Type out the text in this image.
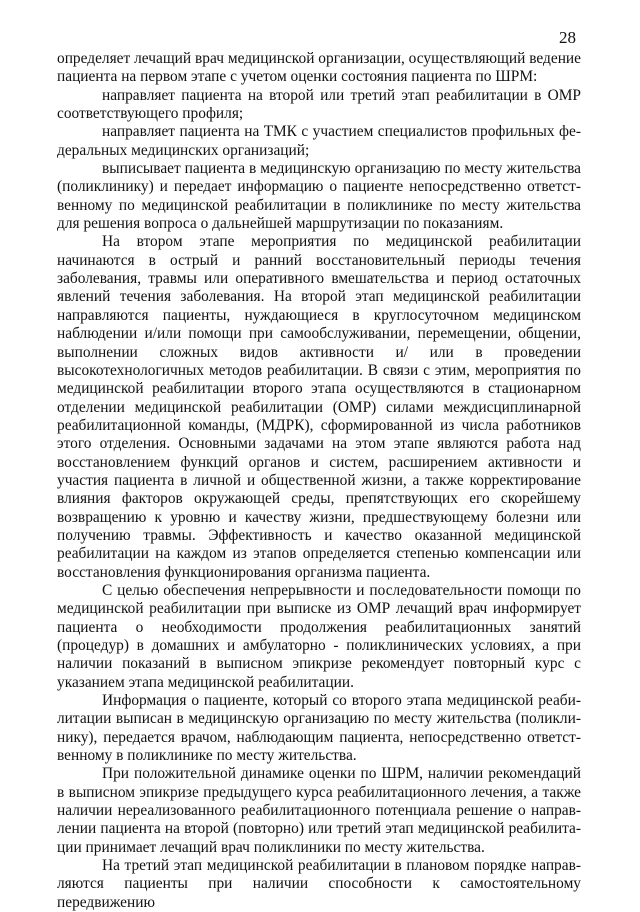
28

определяет лечащий врач медицинской организации, осуществляющий ведение пациента на первом этапе с учетом оценки состояния пациента по ШРМ:

направляет пациента на второй или третий этап реабилитации в ОМР соответствующего профиля;

направляет пациента на ТМК с участием специалистов профильных федеральных медицинских организаций;

выписывает пациента в медицинскую организацию по месту жительства (поликлинику) и передает информацию о пациенте непосредственно ответственному по медицинской реабилитации в поликлинике по месту жительства для решения вопроса о дальнейшей маршрутизации по показаниям.

На втором этапе мероприятия по медицинской реабилитации начинаются в острый и ранний восстановительный периоды течения заболевания, травмы или оперативного вмешательства и период остаточных явлений течения заболевания. На второй этап медицинской реабилитации направляются пациенты, нуждающиеся в круглосуточном медицинском наблюдении и/или помощи при самообслуживании, перемещении, общении, выполнении сложных видов активности и/ или в проведении высокотехнологичных методов реабилитации. В связи с этим, мероприятия по медицинской реабилитации второго этапа осуществляются в стационарном отделении медицинской реабилитации (ОМР) силами междисциплинарной реабилитационной команды, (МДРК), сформированной из числа работников этого отделения. Основными задачами на этом этапе являются работа над восстановлением функций органов и систем, расширением активности и участия пациента в личной и общественной жизни, а также корректирование влияния факторов окружающей среды, препятствующих его скорейшему возвращению к уровню и качеству жизни, предшествующему болезни или получению травмы. Эффективность и качество оказанной медицинской реабилитации на каждом из этапов определяется степенью компенсации или восстановления функционирования организма пациента.

С целью обеспечения непрерывности и последовательности помощи по медицинской реабилитации при выписке из ОМР лечащий врач информирует пациента о необходимости продолжения реабилитационных занятий (процедур) в домашних и амбулаторно - поликлинических условиях, а при наличии показаний в выписном эпикризе рекомендует повторный курс с указанием этапа медицинской реабилитации.

Информация о пациенте, который со второго этапа медицинской реабилитации выписан в медицинскую организацию по месту жительства (поликлинику), передается врачом, наблюдающим пациента, непосредственно ответственному в поликлинике по месту жительства.

При положительной динамике оценки по ШРМ, наличии рекомендаций в выписном эпикризе предыдущего курса реабилитационного лечения, а также наличии нереализованного реабилитационного потенциала решение о направлении пациента на второй (повторно) или третий этап медицинской реабилитации принимает лечащий врач поликлиники по месту жительства.

На третий этап медицинской реабилитации в плановом порядке направляются пациенты при наличии способности к самостоятельному передвижению
